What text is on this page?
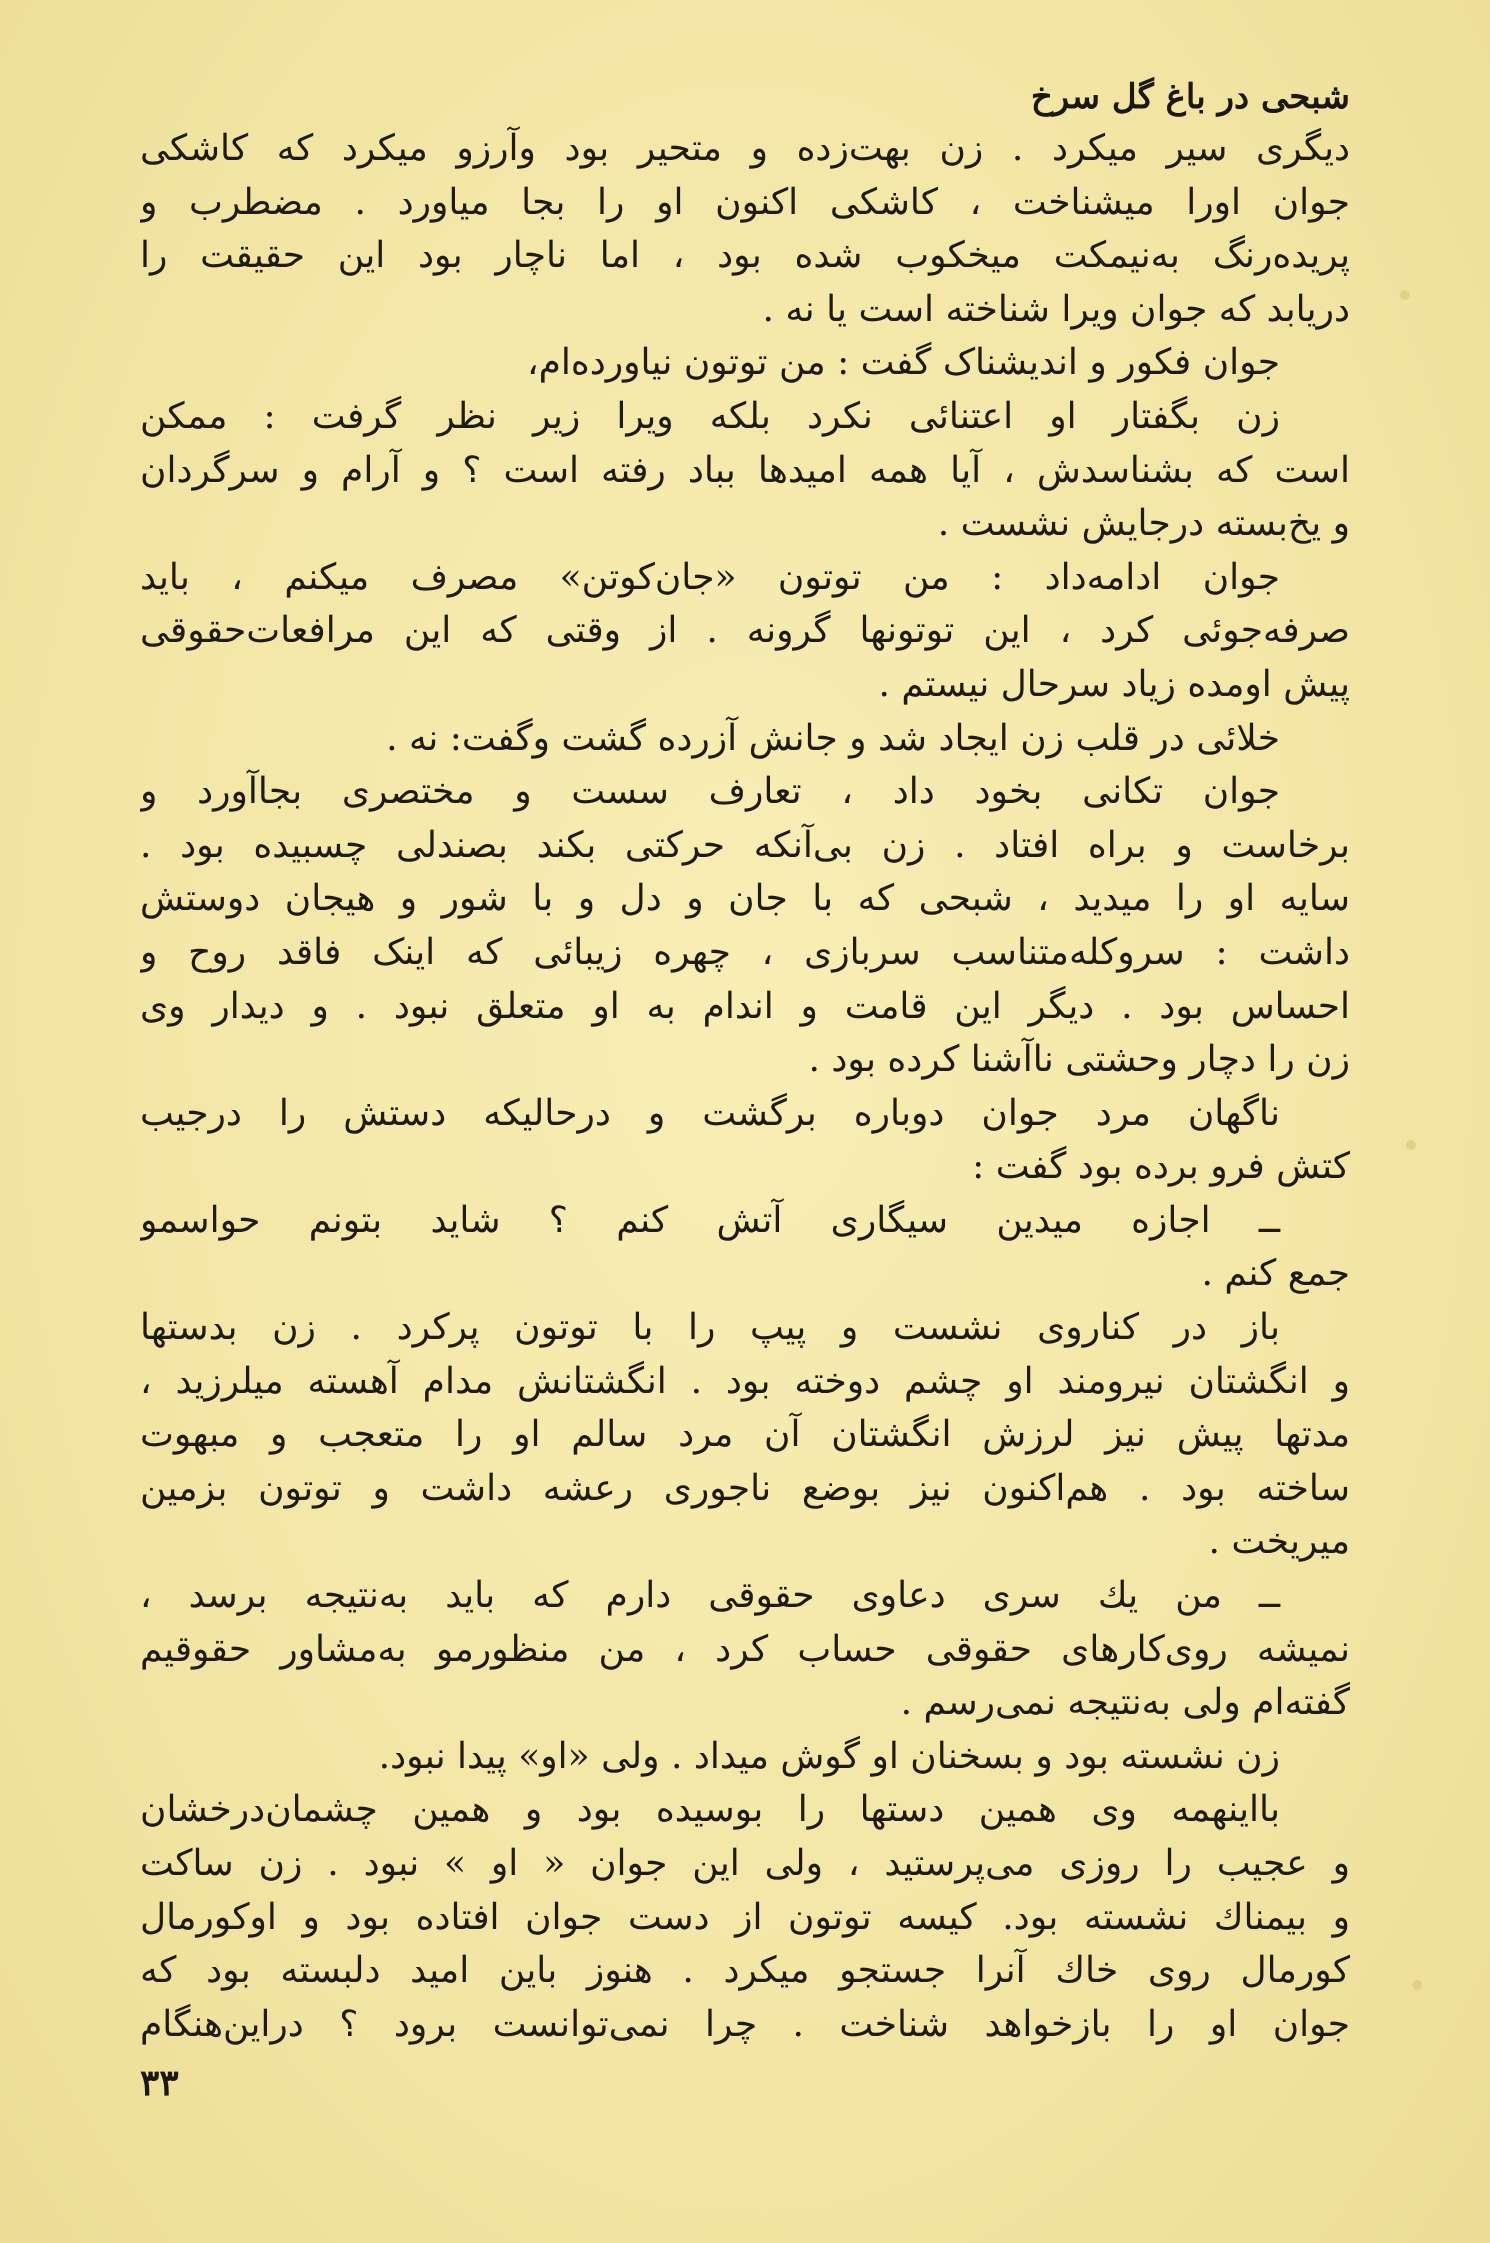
شبحی در باغ گل سرخ
دیگری سیر میکرد . زن بهت‌زده و متحیر بود وآرزو میکرد که کاشکی
جوان اورا میشناخت ، کاشکی اکنون او را بجا میاورد . مضطرب و
پریده‌رنگ به‌نیمکت میخکوب شده بود ، اما ناچار بود این حقیقت را
دریابد که جوان ویرا شناخته است یا نه .
جوان فکور و اندیشناک گفت : من توتون نیاورده‌ام،
زن بگفتار او اعتنائی نکرد بلکه ویرا زیر نظر گرفت : ممکن
است که بشناسدش ، آیا همه امیدها بباد رفته است ؟ و آرام و سرگردان
و یخ‌بسته درجایش نشست .
جوان ادامه‌داد : من توتون «جان‌کوتن» مصرف میکنم ، باید
صرفه‌جوئی کرد ، این توتونها گرونه . از وقتی که این مرافعات‌حقوقی
پیش اومده زیاد سرحال نیستم .
خلائی در قلب زن ایجاد شد و جانش آزرده گشت وگفت: نه .
جوان تکانی بخود داد ، تعارف سست و مختصری بجاآورد و
برخاست و براه افتاد . زن بی‌آنکه حرکتی بکند بصندلی چسبیده بود .
سایه او را میدید ، شبحی که با جان و دل و با شور و هیجان دوستش
داشت : سروکله‌متناسب سربازی ، چهره زیبائی که اینک فاقد روح و
احساس بود . دیگر این قامت و اندام به او متعلق نبود . و دیدار وی
زن را دچار وحشتی ناآشنا کرده بود .
ناگهان مرد جوان دوباره برگشت و درحالیکه دستش را درجیب
کتش فرو برده بود گفت :
ــ اجازه میدین سیگاری آتش کنم ؟ شاید بتونم حواسمو
جمع کنم .
باز در کناروی نشست و پیپ را با توتون پرکرد . زن بدستها
و انگشتان نیرومند او چشم دوخته بود . انگشتانش مدام آهسته میلرزید ،
مدتها پیش نیز لرزش انگشتان آن مرد سالم او را متعجب و مبهوت
ساخته بود . هم‌اکنون نیز بوضع ناجوری رعشه داشت و توتون بزمین
میریخت .
ــ من یك سری دعاوی حقوقی دارم که باید به‌نتیجه برسد ،
نمیشه روی‌کارهای حقوقی حساب کرد ، من منظورمو به‌مشاور حقوقیم
گفته‌ام ولی به‌نتیجه نمی‌رسم .
زن نشسته بود و بسخنان او گوش میداد . ولی «او» پیدا نبود.
بااینهمه وی همین دستها را بوسیده بود و همین چشمان‌درخشان
و عجیب را روزی می‌پرستید ، ولی این جوان « او » نبود . زن ساکت
و بیمناك نشسته بود. کیسه توتون از دست جوان افتاده بود و اوکورمال
کورمال روی خاك آنرا جستجو میکرد . هنوز باین امید دلبسته بود که
جوان او را بازخواهد شناخت . چرا نمی‌توانست برود ؟ دراین‌هنگام
۳۳
